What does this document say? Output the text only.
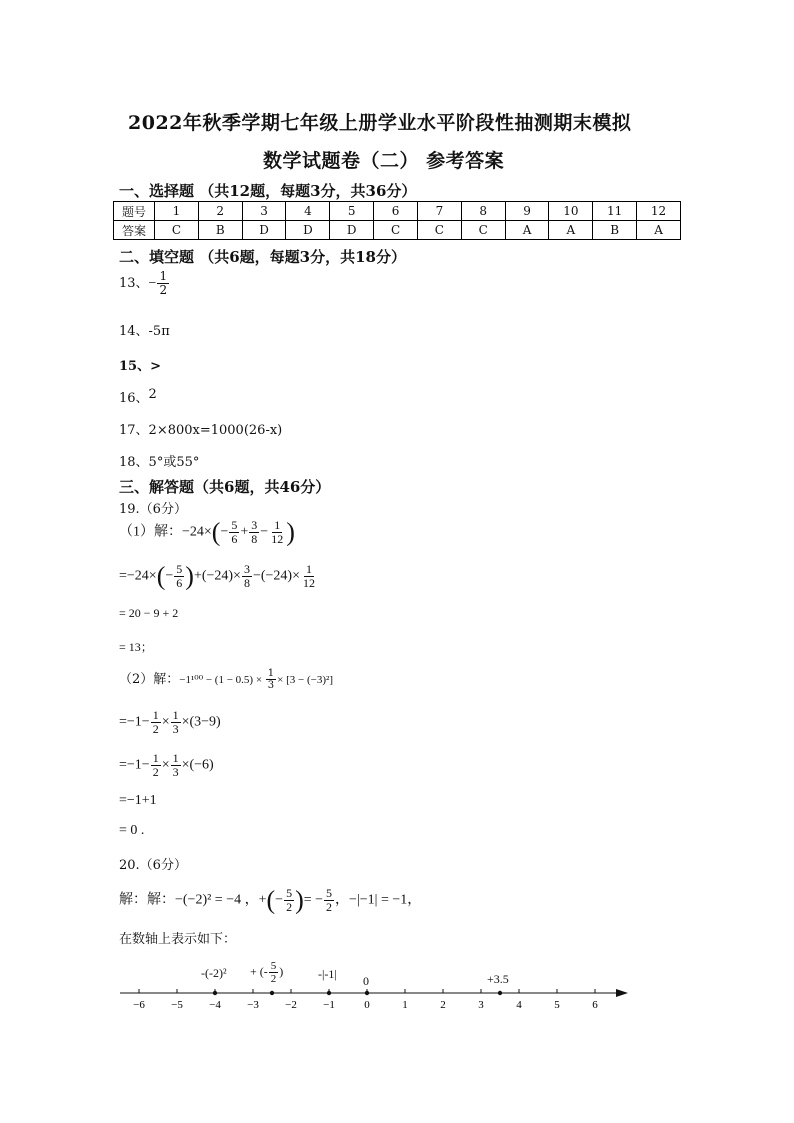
2022年秋季学期七年级上册学业水平阶段性抽测期末模拟
数学试题卷（二） 参考答案
一、选择题 （共12题，每题3分，共36分）
题号	1	2	3	4	5	6	7	8	9	10	11	12
答案	C	B	D	D	D	C	C	C	A	A	B	A
二、填空题 （共6题，每题3分，共18分）
13、− $\frac{1}{2}$
14、-5π
15、>
16、2
17、2×800x=1000(26-x)
18、5°或55°
三、解答题（共6题，共46分）
19.（6分）
（1）解：$-24\times(- \frac{5}{6} + \frac{3}{8} - \frac{1}{12}$ )
$=-24\times(- \frac{5}{6} )+(-24)\times \frac{3}{8} -(-24)\times \frac{1}{12}$
= 20 − 9 + 2
= 13；
（2）解：$-1^{100} - (1 - 0.5) \times \frac{1}{3} \times [3 - (-3)^2]$
$=-1- \frac{1}{2} \times \frac{1}{3} \times(3-9)$
$=-1- \frac{1}{2} \times \frac{1}{3} \times(-6)$
=−1+1
= 0 .
20.（6分）
解：解：−(−2)² = −4 ，+(− $\frac{5}{2}$ )= − $\frac{5}{2}$ ，−|−1| = −1，
在数轴上表示如下：
−6 −5 −4 −3 −2 −1	0	1	2	3	4	5	6
-(-2)² + (- $\frac{5}{2}$ )	-|-1| 0	+3.5
